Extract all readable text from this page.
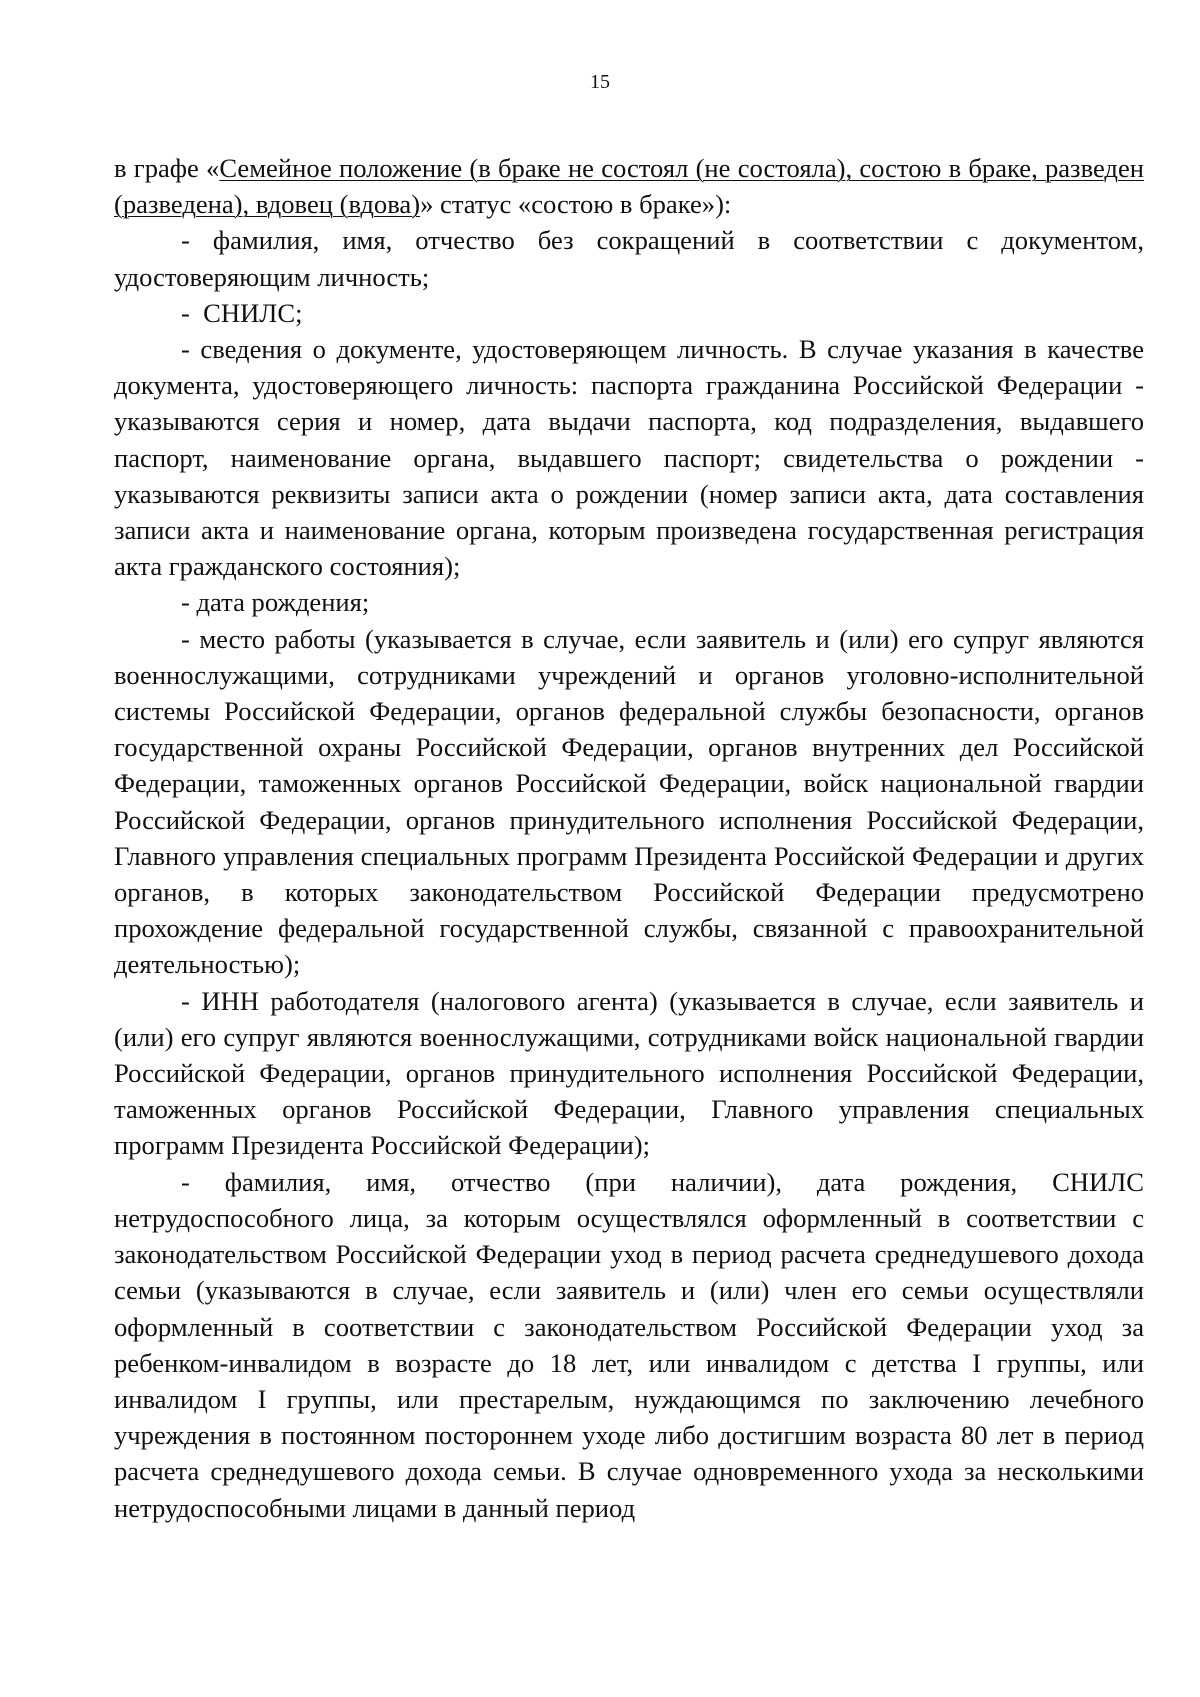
15

в графе «Семейное положение (в браке не состоял (не состояла), состою в браке, разведен (разведена), вдовец (вдова)» статус «состою в браке»):

- фамилия, имя, отчество без сокращений в соответствии с документом, удостоверяющим личность;

-  СНИЛС;

- сведения о документе, удостоверяющем личность. В случае указания в качестве документа, удостоверяющего личность: паспорта гражданина Российской Федерации - указываются серия и номер, дата выдачи паспорта, код подразделения, выдавшего паспорт, наименование органа, выдавшего паспорт; свидетельства о рождении - указываются реквизиты записи акта о рождении (номер записи акта, дата составления записи акта и наименование органа, которым произведена государственная регистрация акта гражданского состояния);

- дата рождения;

- место работы (указывается в случае, если заявитель и (или) его супруг являются военнослужащими, сотрудниками учреждений и органов уголовно-исполнительной системы Российской Федерации, органов федеральной службы безопасности, органов государственной охраны Российской Федерации, органов внутренних дел Российской Федерации, таможенных органов Российской Федерации, войск национальной гвардии Российской Федерации, органов принудительного исполнения Российской Федерации, Главного управления специальных программ Президента Российской Федерации и других органов, в которых законодательством Российской Федерации предусмотрено прохождение федеральной государственной службы, связанной с правоохранительной деятельностью);

- ИНН работодателя (налогового агента) (указывается в случае, если заявитель и (или) его супруг являются военнослужащими, сотрудниками войск национальной гвардии Российской Федерации, органов принудительного исполнения Российской Федерации, таможенных органов Российской Федерации, Главного управления специальных программ Президента Российской Федерации);

- фамилия, имя, отчество (при наличии), дата рождения, СНИЛС нетрудоспособного лица, за которым осуществлялся оформленный в соответствии с законодательством Российской Федерации уход в период расчета среднедушевого дохода семьи (указываются в случае, если заявитель и (или) член его семьи осуществляли оформленный в соответствии с законодательством Российской Федерации уход за ребенком-инвалидом в возрасте до 18 лет, или инвалидом с детства I группы, или инвалидом I группы, или престарелым, нуждающимся по заключению лечебного учреждения в постоянном постороннем уходе либо достигшим возраста 80 лет в период расчета среднедушевого дохода семьи. В случае одновременного ухода за несколькими нетрудоспособными лицами в данный период
